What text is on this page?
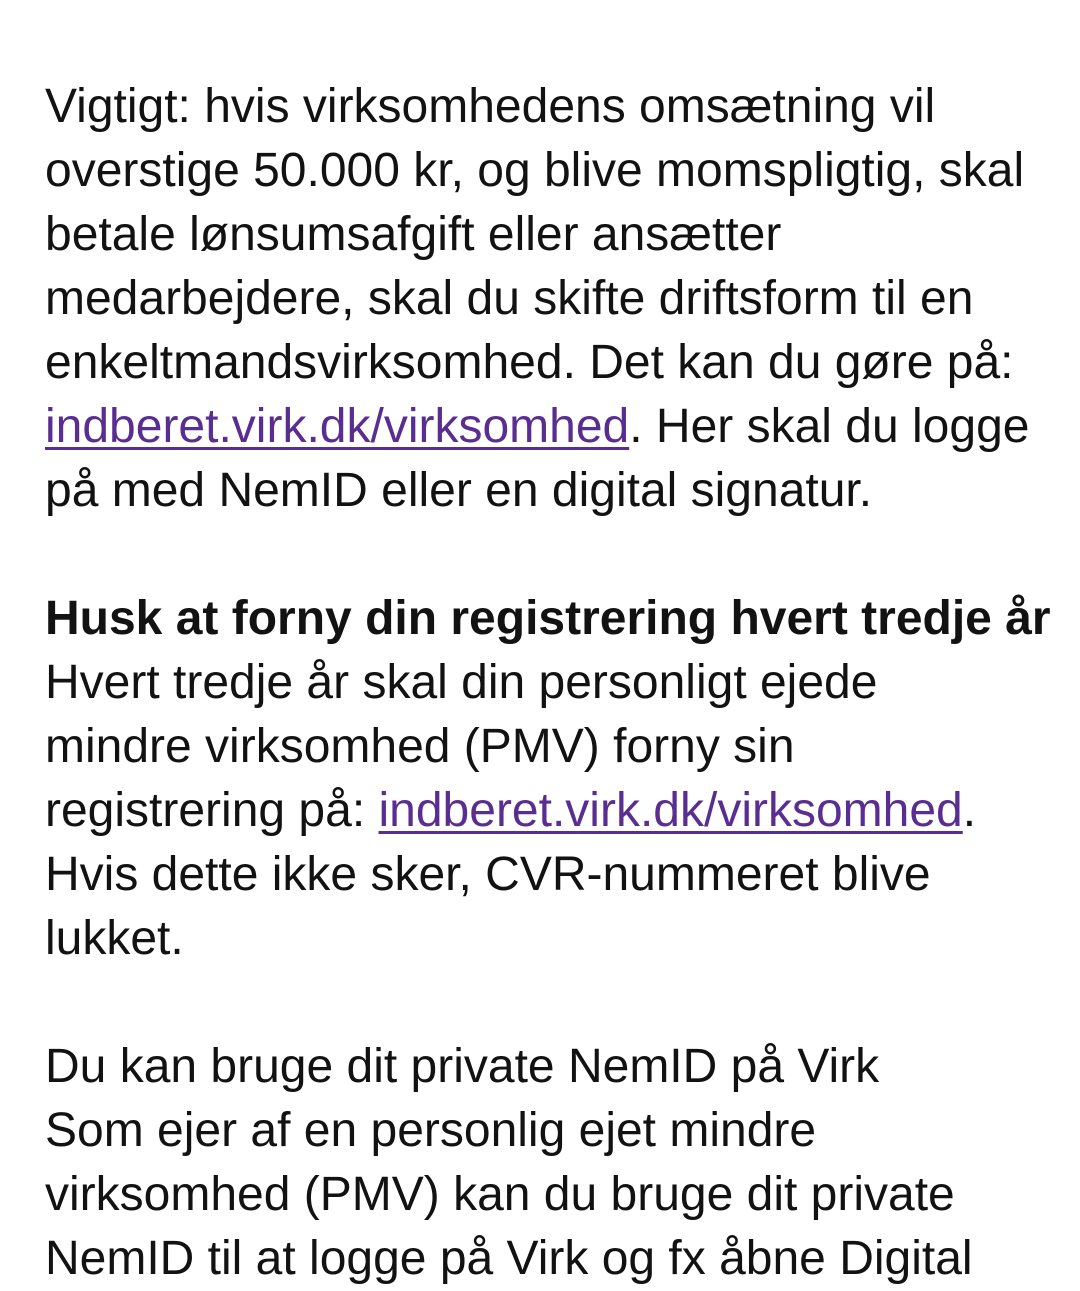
Vigtigt: hvis virksomhedens omsætning vil
overstige 50.000 kr, og blive momspligtig, skal
betale lønsumsafgift eller ansætter
medarbejdere, skal du skifte driftsform til en
enkeltmandsvirksomhed. Det kan du gøre på:
indberet.virk.dk/virksomhed. Her skal du logge
på med NemID eller en digital signatur.

Husk at forny din registrering hvert tredje år

Hvert tredje år skal din personligt ejede
mindre virksomhed (PMV) forny sin
registrering på: indberet.virk.dk/virksomhed.
Hvis dette ikke sker, CVR-nummeret blive
lukket.

Du kan bruge dit private NemID på Virk
Som ejer af en personlig ejet mindre
virksomhed (PMV) kan du bruge dit private
NemID til at logge på Virk og fx åbne Digital
